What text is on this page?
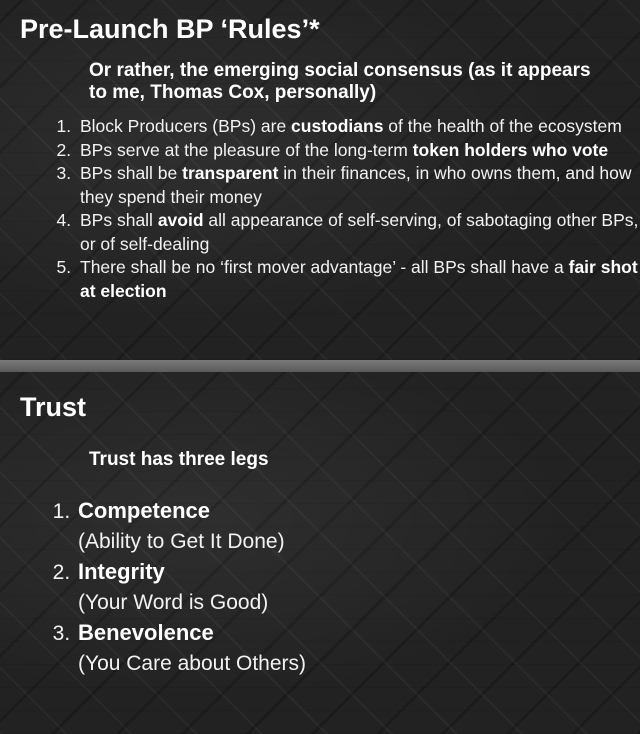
Pre-Launch BP ‘Rules’*

Or rather, the emerging social consensus (as it appears to me, Thomas Cox, personally)

1. Block Producers (BPs) are custodians of the health of the ecosystem
2. BPs serve at the pleasure of the long-term token holders who vote
3. BPs shall be transparent in their finances, in who owns them, and how they spend their money
4. BPs shall avoid all appearance of self-serving, of sabotaging other BPs, or of self-dealing
5. There shall be no ‘first mover advantage’ - all BPs shall have a fair shot at election
Trust

Trust has three legs

1. Competence
(Ability to Get It Done)
2. Integrity
(Your Word is Good)
3. Benevolence
(You Care about Others)
